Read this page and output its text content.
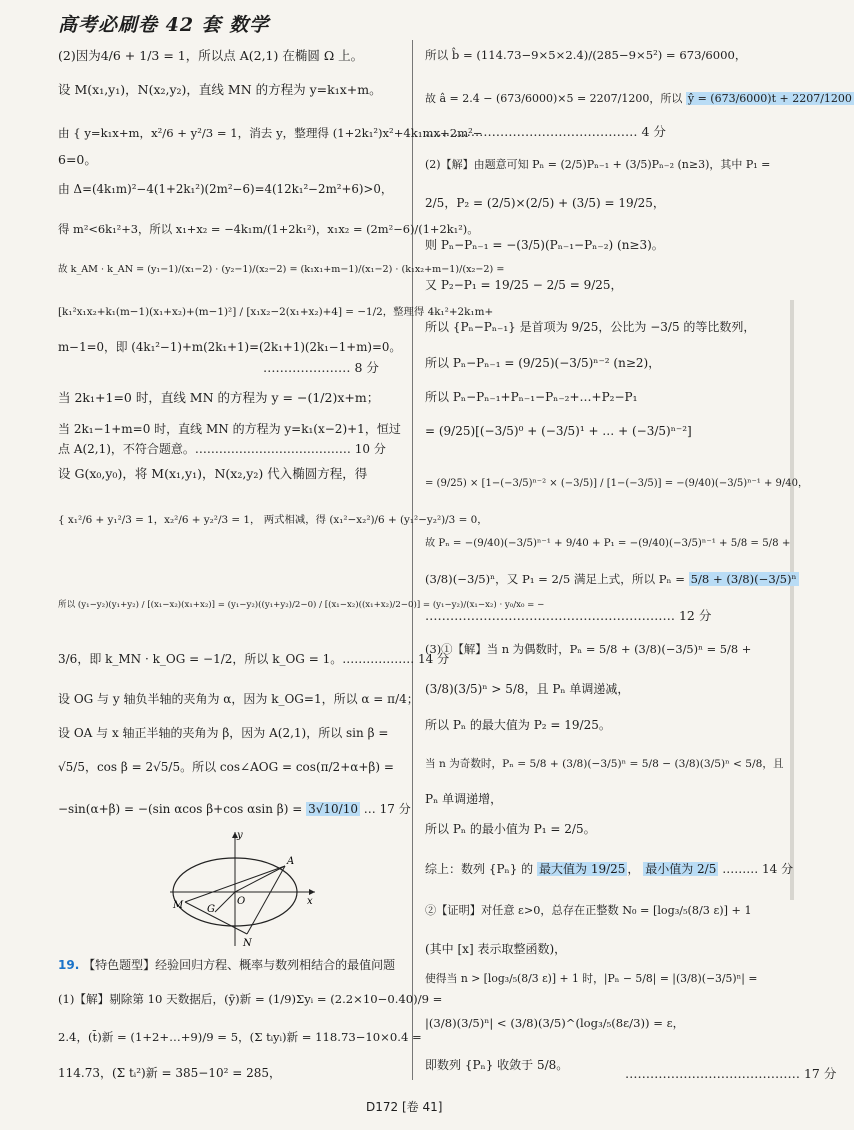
高考必刷卷 42 套 数学
(2)因为4/6 + 1/3 = 1，所以点 A(2,1) 在椭圆 Ω 上。
设 M(x₁,y₁)，N(x₂,y₂)，直线 MN 的方程为 y=k₁x+m。
由 { y=k₁x+m，x²/6 + y²/3 = 1，消去 y，整理得 (1+2k₁²)x²+4k₁mx+2m²−
6=0。
由 Δ=(4k₁m)²−4(1+2k₁²)(2m²−6)=4(12k₁²−2m²+6)>0，
得 m²<6k₁²+3，所以 x₁+x₂ = −4k₁m/(1+2k₁²)，x₁x₂ = (2m²−6)/(1+2k₁²)。
故 k_AM · k_AN = (y₁−1)/(x₁−2) · (y₂−1)/(x₂−2) = (k₁x₁+m−1)/(x₁−2) · (k₁x₂+m−1)/(x₂−2) =
[k₁²x₁x₂+k₁(m−1)(x₁+x₂)+(m−1)²] / [x₁x₂−2(x₁+x₂)+4] = −1/2，整理得 4k₁²+2k₁m+
m−1=0，即 (4k₁²−1)+m(2k₁+1)=(2k₁+1)(2k₁−1+m)=0。
………………… 8 分
当 2k₁+1=0 时，直线 MN 的方程为 y = −(1/2)x+m；
当 2k₁−1+m=0 时，直线 MN 的方程为 y=k₁(x−2)+1，恒过
点 A(2,1)，不符合题意。………………………………… 10 分
设 G(x₀,y₀)，将 M(x₁,y₁)，N(x₂,y₂) 代入椭圆方程，得
{ x₁²/6 + y₁²/3 = 1，x₂²/6 + y₂²/3 = 1， 两式相减，得 (x₁²−x₂²)/6 + (y₁²−y₂²)/3 = 0，
所以 (y₁−y₂)(y₁+y₂) / [(x₁−x₂)(x₁+x₂)] = (y₁−y₂)((y₁+y₂)/2−0) / [(x₁−x₂)((x₁+x₂)/2−0)] = (y₁−y₂)/(x₁−x₂) · y₀/x₀ = −
3/6，即 k_MN · k_OG = −1/2，所以 k_OG = 1。……………… 14 分
设 OG 与 y 轴负半轴的夹角为 α，因为 k_OG=1，所以 α = π/4；
设 OA 与 x 轴正半轴的夹角为 β，因为 A(2,1)，所以 sin β =
√5/5，cos β = 2√5/5。所以 cos∠AOG = cos(π/2+α+β) =
−sin(α+β) = −(sin αcos β+cos αsin β) = 3√10/10 … 17 分
19. 【特色题型】经验回归方程、概率与数列相结合的最值问题
(1)【解】剔除第 10 天数据后，(ȳ)新 = (1/9)Σyᵢ = (2.2×10−0.40)/9 =
2.4，(t̄)新 = (1+2+…+9)/9 = 5，(Σ tᵢyᵢ)新 = 118.73−10×0.4 =
114.73，(Σ tᵢ²)新 = 385−10² = 285，
y
x
A
M
N
G
O
所以 b̂ = (114.73−9×5×2.4)/(285−9×5²) = 673/6000，
故 â = 2.4 − (673/6000)×5 = 2207/1200，所以 ŷ = (673/6000)t + 2207/1200
…………………………………………… 4 分
(2)【解】由题意可知 Pₙ = (2/5)Pₙ₋₁ + (3/5)Pₙ₋₂ (n≥3)，其中 P₁ =
2/5，P₂ = (2/5)×(2/5) + (3/5) = 19/25，
则 Pₙ−Pₙ₋₁ = −(3/5)(Pₙ₋₁−Pₙ₋₂) (n≥3)。
又 P₂−P₁ = 19/25 − 2/5 = 9/25，
所以 {Pₙ−Pₙ₋₁} 是首项为 9/25，公比为 −3/5 的等比数列，
所以 Pₙ−Pₙ₋₁ = (9/25)(−3/5)ⁿ⁻² (n≥2)，
所以 Pₙ−Pₙ₋₁+Pₙ₋₁−Pₙ₋₂+…+P₂−P₁
= (9/25)[(−3/5)⁰ + (−3/5)¹ + … + (−3/5)ⁿ⁻²]
= (9/25) × [1−(−3/5)ⁿ⁻² × (−3/5)] / [1−(−3/5)] = −(9/40)(−3/5)ⁿ⁻¹ + 9/40，
故 Pₙ = −(9/40)(−3/5)ⁿ⁻¹ + 9/40 + P₁ = −(9/40)(−3/5)ⁿ⁻¹ + 5/8 = 5/8 +
(3/8)(−3/5)ⁿ，又 P₁ = 2/5 满足上式，所以 Pₙ = 5/8 + (3/8)(−3/5)ⁿ
…………………………………………………… 12 分
(3)①【解】当 n 为偶数时，Pₙ = 5/8 + (3/8)(−3/5)ⁿ = 5/8 +
(3/8)(3/5)ⁿ > 5/8，且 Pₙ 单调递减，
所以 Pₙ 的最大值为 P₂ = 19/25。
当 n 为奇数时，Pₙ = 5/8 + (3/8)(−3/5)ⁿ = 5/8 − (3/8)(3/5)ⁿ < 5/8，且
Pₙ 单调递增，
所以 Pₙ 的最小值为 P₁ = 2/5。
综上：数列 {Pₙ} 的 最大值为 19/25 ， 最小值为 2/5 ……… 14 分
②【证明】对任意 ε>0，总存在正整数 N₀ = [log₃/₅(8/3 ε)] + 1
(其中 [x] 表示取整函数)，
使得当 n > [log₃/₅(8/3 ε)] + 1 时，|Pₙ − 5/8| = |(3/8)(−3/5)ⁿ| =
|(3/8)(3/5)ⁿ| < (3/8)(3/5)^(log₃/₅(8ε/3)) = ε，
即数列 {Pₙ} 收敛于 5/8。
…………………………………… 17 分
D172 [卷 41]
